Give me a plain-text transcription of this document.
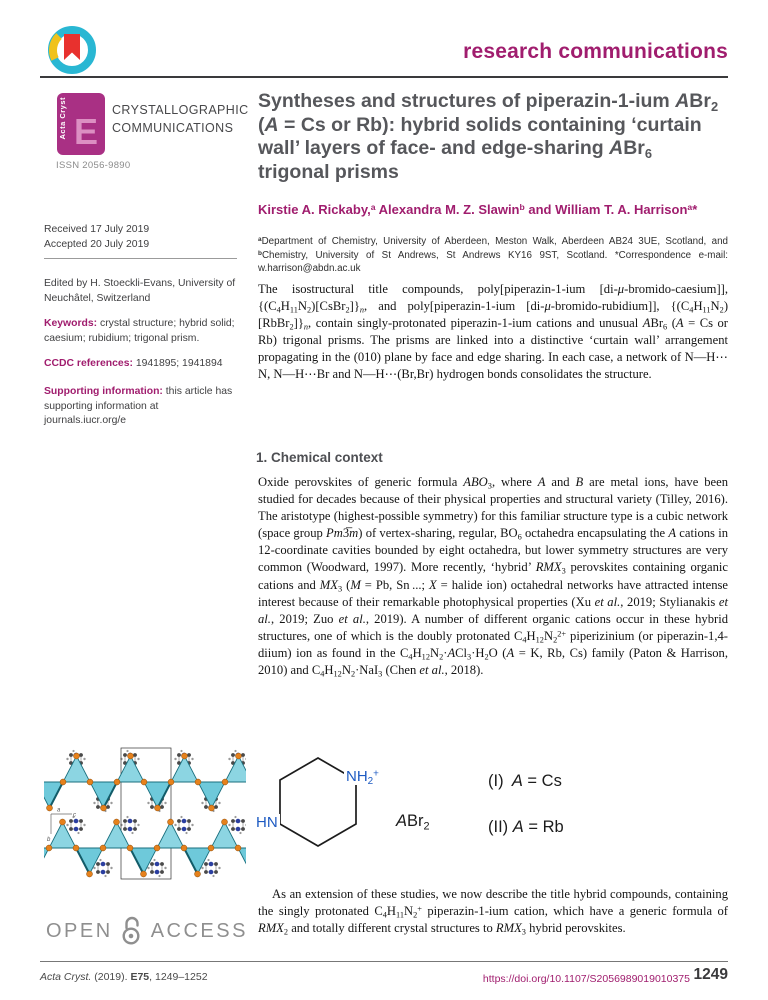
research communications
Acta Cryst E
CRYSTALLOGRAPHIC
COMMUNICATIONS
ISSN 2056-9890
Syntheses and structures of piperazin-1-ium ABr2 (A = Cs or Rb): hybrid solids containing ‘curtain wall’ layers of face- and edge-sharing ABr6 trigonal prisms
Kirstie A. Rickaby,$^a$ Alexandra M. Z. Slawin$^b$ and William T. A. Harrison$^a$*
$^a$Department of Chemistry, University of Aberdeen, Meston Walk, Aberdeen AB24 3UE, Scotland, and $^b$Chemistry, University of St Andrews, St Andrews KY16 9ST, Scotland. *Correspondence e-mail: w.harrison@abdn.ac.uk
The isostructural title compounds, poly[piperazin-1-ium [di-μ-bromido-caesium]], {(C4H11N2)[CsBr2]}n, and poly[piperazin-1-ium [di-μ-bromido-rubidium]], {(C4H11N2)[RbBr2]}n, contain singly-protonated piperazin-1-ium cations and unusual ABr6 (A = Cs or Rb) trigonal prisms. The prisms are linked into a distinctive ‘curtain wall’ arrangement propagating in the (010) plane by face and edge sharing. In each case, a network of N—H⋯N, N—H⋯Br and N—H⋯(Br,Br) hydrogen bonds consolidates the structure.
Received 17 July 2019
Accepted 20 July 2019
Edited by H. Stoeckli-Evans, University of Neuchâtel, Switzerland
Keywords: crystal structure; hybrid solid; caesium; rubidium; trigonal prism.
CCDC references: 1941895; 1941894
Supporting information: this article has supporting information at journals.iucr.org/e
1. Chemical context
Oxide perovskites of generic formula ABO3, where A and B are metal ions, have been studied for decades because of their physical properties and structural variety (Tilley, 2016). The aristotype (highest-possible symmetry) for this familiar structure type is a cubic network (space group Pm3̅m) of vertex-sharing, regular, BO6 octahedra encapsulating the A cations in 12-coordinate cavities bounded by eight octahedra, but lower symmetry structures are very common (Woodward, 1997). More recently, ‘hybrid’ RMX3 perovskites containing organic cations and MX3 (M = Pb, Sn ...; X = halide ion) octahedral networks have attracted intense interest because of their remarkable photophysical properties (Xu et al., 2019; Stylianakis et al., 2019; Zuo et al., 2019). A number of different organic cations occur in these hybrid structures, one of which is the doubly protonated $C4H12N2^{2+}$ piperizinium (or piperazin-1,4-diium) ion as found in the C4H12N2·ACl3·H2O (A = K, Rb, Cs) family (Paton & Harrison, 2010) and C4H12N2·NaI3 (Chen et al., 2018).
NH2+
HN	ABr2
(I) A = Cs
(II) A = Rb
As an extension of these studies, we now describe the title hybrid compounds, containing the singly protonated C4H11N2+ piperazin-1-ium cation, which have a generic formula of RMX2 and totally different crystal structures to RMX3 hybrid perovskites.
a
c
b
OPEN ACCESS
Acta Cryst. (2019). E75, 1249–1252	https://doi.org/10.1107/S2056989019010375 1249
